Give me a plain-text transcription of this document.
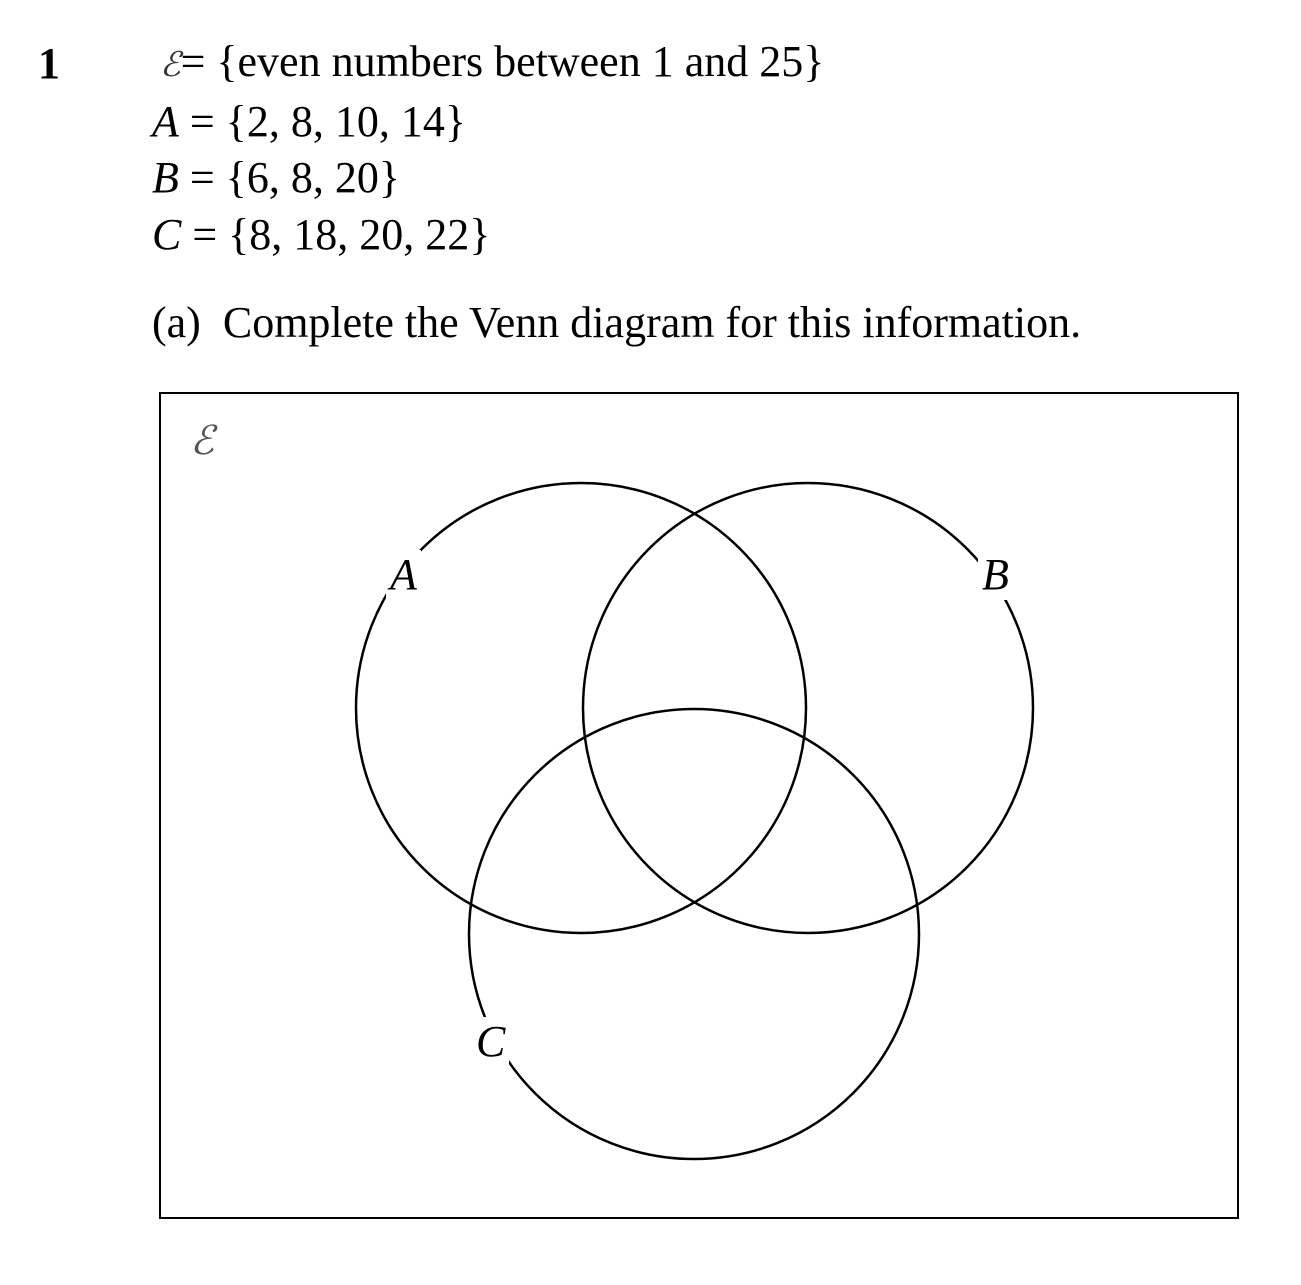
1	ℰ= {even numbers between 1 and 25}
A = {2, 8, 10, 14}
B = {6, 8, 20}
C = {8, 18, 20, 22}
(a) Complete the Venn diagram for this information.
ℰ
A	B
C
